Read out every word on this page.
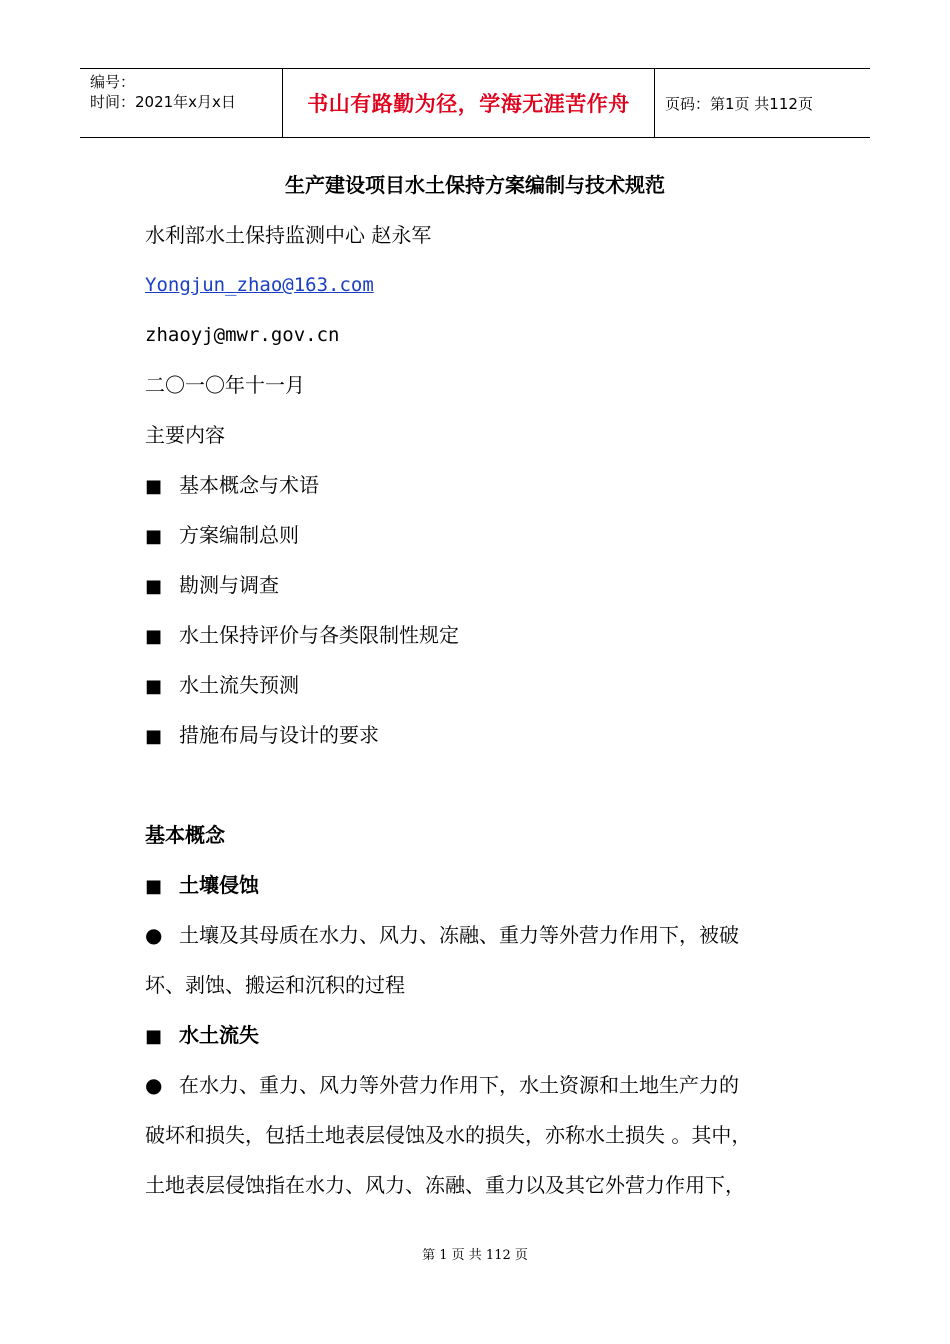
编号：
时间：2021年x月x日	书山有路勤为径，学海无涯苦作舟	页码：第1页 共112页
生产建设项目水土保持方案编制与技术规范
水利部水土保持监测中心 赵永军
Yongjun_zhao@163.com
zhaoyj@mwr.gov.cn
二〇一〇年十一月
主要内容
■ 基本概念与术语
■ 方案编制总则
■ 勘测与调查
■ 水土保持评价与各类限制性规定
■ 水土流失预测
■ 措施布局与设计的要求
基本概念
■ 土壤侵蚀
● 土壤及其母质在水力、风力、冻融、重力等外营力作用下，被破
坏、剥蚀、搬运和沉积的过程
■ 水土流失
● 在水力、重力、风力等外营力作用下，水土资源和土地生产力的
破坏和损失，包括土地表层侵蚀及水的损失，亦称水土损失 。其中，
土地表层侵蚀指在水力、风力、冻融、重力以及其它外营力作用下，
第 1 页 共 112 页
